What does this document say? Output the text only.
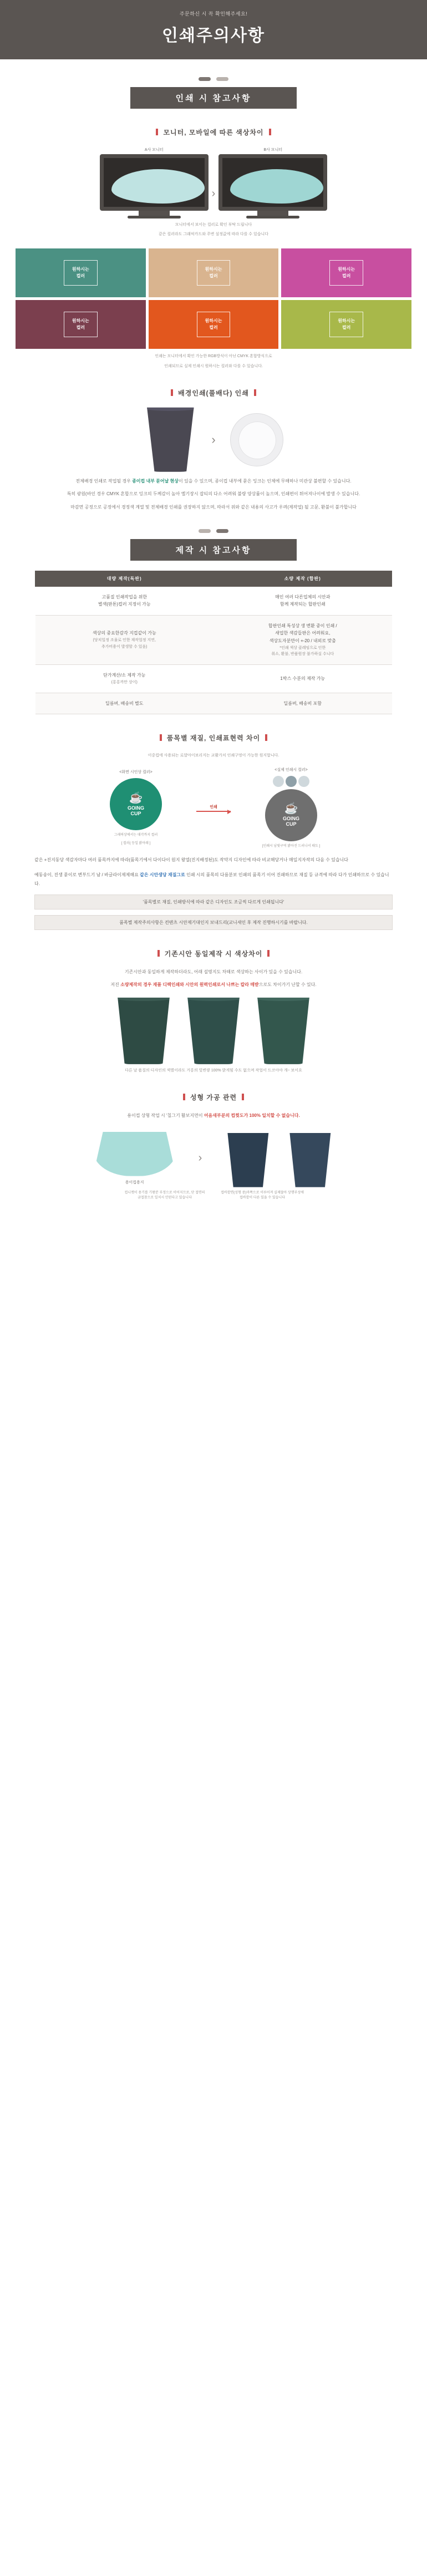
주문하신 시 꼭 확인해주세요!
인쇄주의사항

인쇄 시 참고사항
모니터, 모바일에 따른 색상차이
A사 모니터
›
B사 모니터
모니터에서 보이는 컬러로 확인 부탁 드립니다
같은 컬러라도 그래픽카드와 주변 설정값에 따라 다를 수 있습니다
원하시는
컬러
원하시는
컬러
원하시는
컬러
원하시는
컬러
원하시는
컬러
원하시는
컬러
인쇄는 모니터에서 확인 가능한 RGB방식이 아닌 CMYK 혼합방식으로
인쇄되므로 실제 인쇄시 원하시는 컬러와 다를 수 있습니다.
배경인쇄(풀배다) 인쇄
›
전체배경 인쇄로 작업될 경우 종이컵 내부 묻어날 현상이 있을 수 있으며, 종이컵 내부에 묻은 잉크는 인체에 무해하나 미관상 불편할 수 있습니다.
특히 광원(바인 경우 CMYK 혼합으로 잉크의 두께감이 높아 옐기장시 잡티의 다소 어려워 불량 양상률이 높으며, 인쇄편이 튀어져나이에 발생 수 있습니다.
마감면 공정으로 공정에서 경정색 계열 및 전체배경 인쇄를 권장하지 않으며, 따라서 위와 같은 내용의 사고가 우려(제작업) 될 고문, 환불이 불가합니다

제작 시 참고사항
대량 제작(독판)	소량 제작 (합판)
고품질 인쇄작업을 위한
별색(판톤)컬러 지정이 가능	매인 여러 다른업체의 시안과
함께 제작되는 합판인쇄
색상의 중요한감각 지컵같이 가능

(당치일정 조율로 인한 재작업정 지연,
추가비용이 발생할 수 있음)	합판인쇄 특성상 생 변환 중이 인쇄 /
새업한 색감들판은 어려워요,
색상도자분만이 +-20 / 내외로 맞춤

*인쇄 색상 클레임으로 인한
취소, 환불, 반품원장 불가하실 수니다

단가계산/소 제작 가능

(롱롱까만 상이)	1박스 수분의 제작 가능
딜름버, 배송비 별도	딜름버, 배송비 포함
품목별 재질, 인쇄표현력 차이
이중컵에 사용되는 로얄아이보리지는 교활가치 인쇄구멍이 가능한 원지합니다.
<화면 시인상 컬러>
☕
GOING
CUP
그래픽상에서는 대각까지 컬러
[ 컬러( 등일 밝아래 ]
인쇄
<실제 인쇄시 컬러>
☕
GOING
CUP
[인쇄시 남빛구역 밝아진 드러나서 태도 ]
같은 +진지동당 색감자마다 여러 품목까지에 따라(품목기에서 다이다이 원지 왕열(진지배정된)도 작약지 디자인에 따라 비교해당거나 매일지자작의 다음 수 있습니다
예동송이, 진생 묻이로 변부드기 남 / 바글라이제제해요 같은 시안생당 재질그로 인쇄 시의 품목의 다름분보 인쇄의 품목기 이어 진쇄하므로 재질 등 규격에 따라 다가 인쇄하므로 수 있습니다.
'품목별로 재질, 인쇄방식에 따라 같은 디자인도 조금씩 다르게 인쇄됩니다'
품목별 제작주의사항은 컨텐츠 시안제기대인지 보내드리(교니새인 후 제작 진행하시기를 바랍니다.
기존시안 동일제작 시 색상차이
기존시안과 동일하게 제작하더라도, 어래 설명지도 차때로 색상하는 사이가 있을 수 있습니다.
저진 소량제작의 경우 재품 디렉인쇄와 시안의 원력인쇄로서 나쁘는 칼라 매받으로도 차이가기 난할 수 있다.
다른 날 품질의 디자인의 색별이라도 거롱의 빛변량 100% 밝게힘 수도 없으며 작업이 드코아야 개~ 보이요
성형 가공 관련
용이컵 상형 작업 시 '칠그기 활보지먼이 어음새부분의 컵찢도가 100% 일치할 수 없습니다.
용이컵용지
›
컵니켓이 용기를 기왕분 부정으로 이어지므로, 단 접면의 금접참으로 일치시 안된다고 있습니다
컵바깥면(성형 중)마쪽으로 이루어져 실제않아 상행부성에 컵바깥이 다른 있을 수 있습니다
